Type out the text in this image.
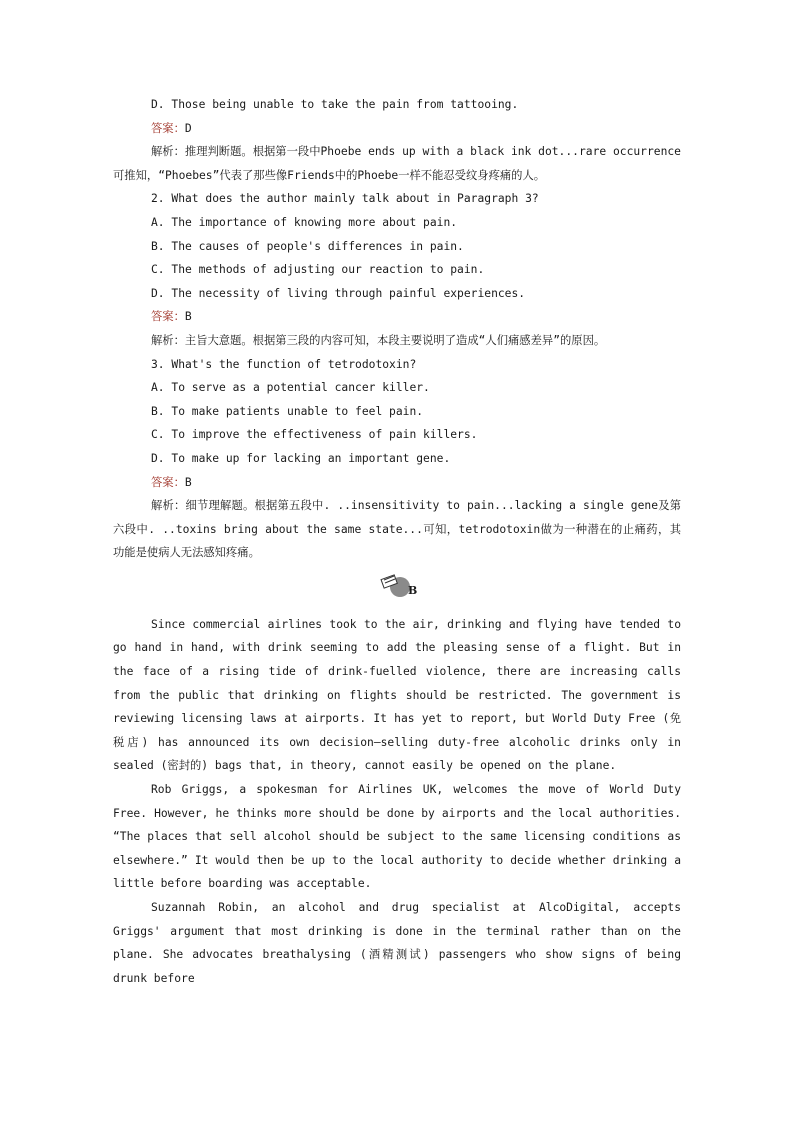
D. Those being unable to take the pain from tattooing.
答案：D

解析：推理判断题。根据第一段中Phoebe ends up with a black ink dot...rare occurrence可推知，“Phoebes”代表了那些像Friends中的Phoebe一样不能忍受纹身疼痛的人。

2. What does the author mainly talk about in Paragraph 3?
A. The importance of knowing more about pain.
B. The causes of people's differences in pain.
C. The methods of adjusting our reaction to pain.
D. The necessity of living through painful experiences.
答案：B

解析：主旨大意题。根据第三段的内容可知，本段主要说明了造成“人们痛感差异”的原因。

3. What's the function of tetrodotoxin?
A. To serve as a potential cancer killer.
B. To make patients unable to feel pain.
C. To improve the effectiveness of pain killers.
D. To make up for lacking an important gene.
答案：B

解析：细节理解题。根据第五段中. ..insensitivity to pain...lacking a single gene及第六段中. ..toxins bring about the same state...可知，tetrodotoxin做为一种潜在的止痛药，其功能是使病人无法感知疼痛。

B

Since commercial airlines took to the air, drinking and flying have tended to go hand in hand, with drink seeming to add the pleasing sense of a flight. But in the face of a rising tide of drink-fuelled violence, there are increasing calls from the public that drinking on flights should be restricted. The government is reviewing licensing laws at airports. It has yet to report, but World Duty Free (免税店) has announced its own decision—selling duty-free alcoholic drinks only in sealed (密封的) bags that, in theory, cannot easily be opened on the plane.

Rob Griggs, a spokesman for Airlines UK, welcomes the move of World Duty Free. However, he thinks more should be done by airports and the local authorities. “The places that sell alcohol should be subject to the same licensing conditions as elsewhere.” It would then be up to the local authority to decide whether drinking a little before boarding was acceptable.

Suzannah Robin, an alcohol and drug specialist at AlcoDigital, accepts Griggs' argument that most drinking is done in the terminal rather than on the plane. She advocates breathalysing (酒精测试) passengers who show signs of being drunk before
